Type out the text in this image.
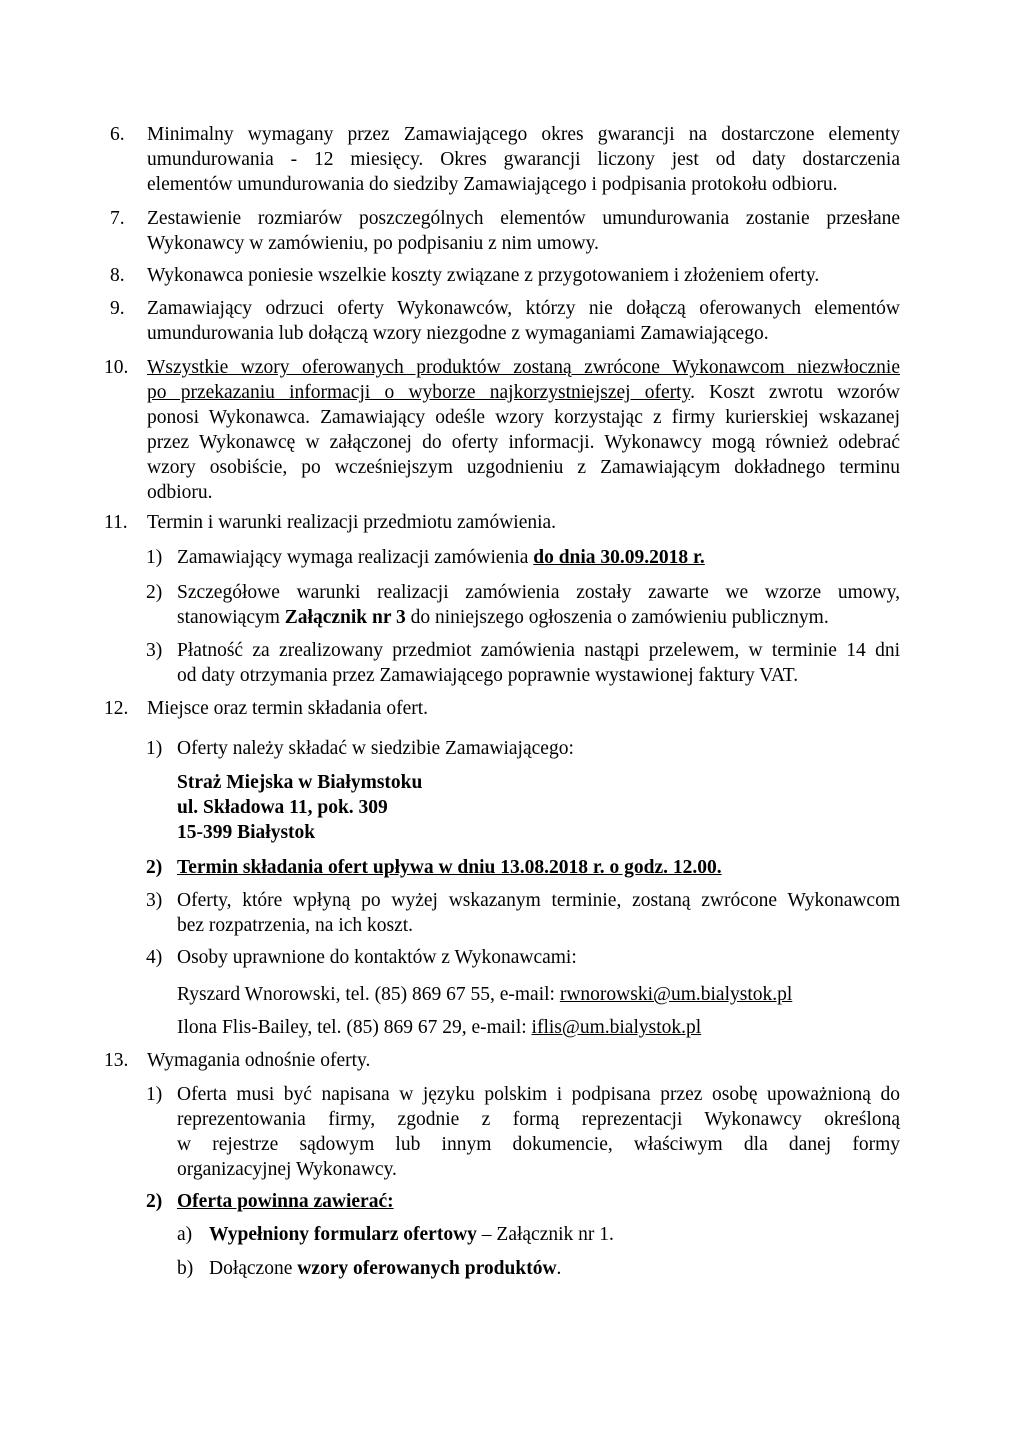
6. Minimalny wymagany przez Zamawiającego okres gwarancji na dostarczone elementy
umundurowania - 12 miesięcy. Okres gwarancji liczony jest od daty dostarczenia
elementów umundurowania do siedziby Zamawiającego i podpisania protokołu odbioru.
7. Zestawienie rozmiarów poszczególnych elementów umundurowania zostanie przesłane
Wykonawcy w zamówieniu, po podpisaniu z nim umowy.
8. Wykonawca poniesie wszelkie koszty związane z przygotowaniem i złożeniem oferty.
9. Zamawiający odrzuci oferty Wykonawców, którzy nie dołączą oferowanych elementów
umundurowania lub dołączą wzory niezgodne z wymaganiami Zamawiającego.
10. Wszystkie wzory oferowanych produktów zostaną zwrócone Wykonawcom niezwłocznie
po przekazaniu informacji o wyborze najkorzystniejszej oferty. Koszt zwrotu wzorów
ponosi Wykonawca. Zamawiający odeśle wzory korzystając z firmy kurierskiej wskazanej
przez Wykonawcę w załączonej do oferty informacji. Wykonawcy mogą również odebrać
wzory osobiście, po wcześniejszym uzgodnieniu z Zamawiającym dokładnego terminu
odbioru.
11. Termin i warunki realizacji przedmiotu zamówienia.
1) Zamawiający wymaga realizacji zamówienia do dnia 30.09.2018 r.
2) Szczegółowe warunki realizacji zamówienia zostały zawarte we wzorze umowy,
stanowiącym Załącznik nr 3 do niniejszego ogłoszenia o zamówieniu publicznym.
3) Płatność za zrealizowany przedmiot zamówienia nastąpi przelewem, w terminie 14 dni
od daty otrzymania przez Zamawiającego poprawnie wystawionej faktury VAT.
12. Miejsce oraz termin składania ofert.
1) Oferty należy składać w siedzibie Zamawiającego:
Straż Miejska w Białymstoku
ul. Składowa 11, pok. 309
15-399 Białystok
2) Termin składania ofert upływa w dniu 13.08.2018 r. o godz. 12.00.
3) Oferty, które wpłyną po wyżej wskazanym terminie, zostaną zwrócone Wykonawcom
bez rozpatrzenia, na ich koszt.
4) Osoby uprawnione do kontaktów z Wykonawcami:
Ryszard Wnorowski, tel. (85) 869 67 55, e-mail: rwnorowski@um.bialystok.pl
Ilona Flis-Bailey, tel. (85) 869 67 29, e-mail: iflis@um.bialystok.pl
13. Wymagania odnośnie oferty.
1) Oferta musi być napisana w języku polskim i podpisana przez osobę upoważnioną do
reprezentowania firmy, zgodnie z formą reprezentacji Wykonawcy określoną
w rejestrze sądowym lub innym dokumencie, właściwym dla danej formy
organizacyjnej Wykonawcy.
2) Oferta powinna zawierać:
a) Wypełniony formularz ofertowy – Załącznik nr 1.
b) Dołączone wzory oferowanych produktów.
